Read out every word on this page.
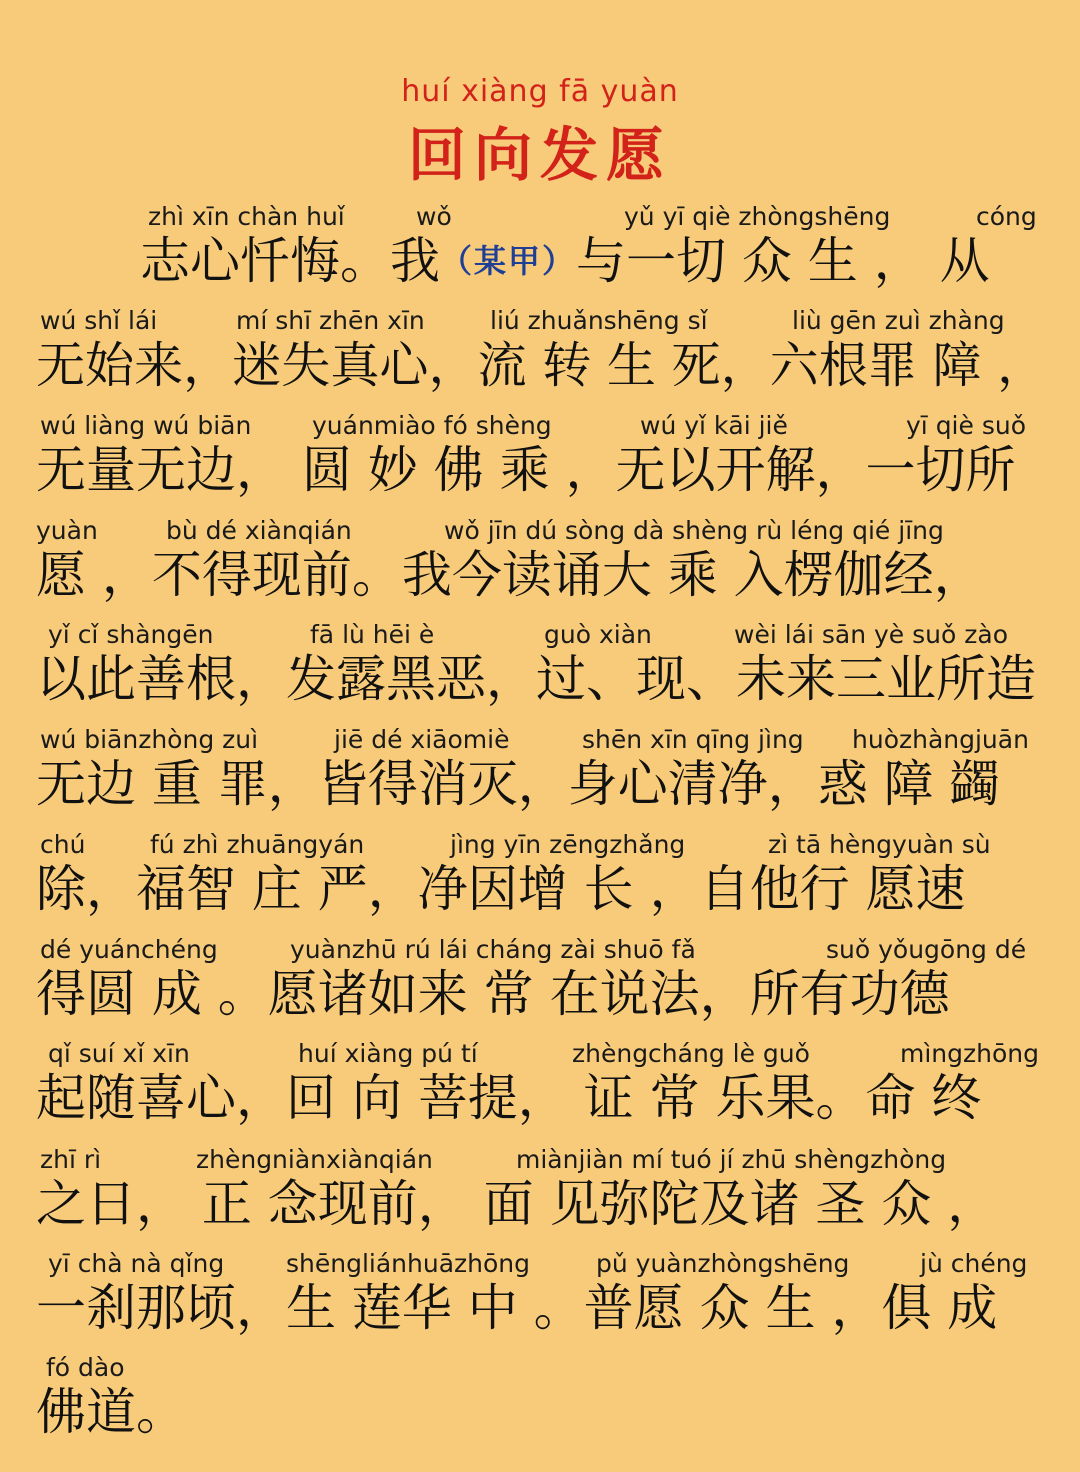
huí xiàng fā yuàn
回向发愿
zhì xīn chàn huǐ	wǒ	yǔ yī qiè zhòngshēng	cóng
志心忏悔。我（某甲）与一切 众 生 ， 从
wú shǐ lái	mí shī zhēn xīn	liú zhuǎnshēng sǐ	liù gēn zuì zhàng
无始来，迷失真心，流 转 生 死，六根罪 障 ，
wú liàng wú biān yuánmiào fó shèng	wú yǐ kāi jiě	yī qiè suǒ
无量无边， 圆 妙 佛 乘 ，无以开解，一切所
yuàn	bù dé xiànqián	wǒ jīn dú sòng dà shèng rù léng qié jīng
愿 ，不得现前。我今读诵大 乘 入楞伽经，
yǐ cǐ shàngēn	fā lù hēi è	guò xiàn	wèi lái sān yè suǒ zào
以此善根，发露黑恶，过、现、未来三业所造
wú biānzhòng zuì	jiē dé xiāomiè	shēn xīn qīng jìng huòzhàngjuān
无边 重 罪，皆得消灭，身心清净，惑 障 蠲
chú	fú zhì zhuāngyán	jìng yīn zēngzhǎng	zì tā hèngyuàn sù
除，福智 庄 严，净因增 长 ，自他行 愿速
dé yuánchéng	yuànzhū rú lái cháng zài shuō fǎ	suǒ yǒugōng dé
得圆 成 。愿诸如来 常 在说法，所有功德
qǐ suí xǐ xīn	huí xiàng pú tí	zhèngcháng lè guǒ	mìngzhōng
起随喜心，回 向 菩提， 证 常 乐果。命 终
zhī rì	zhèngniànxiànqián	miànjiàn mí tuó jí zhū shèngzhòng
之日， 正 念现前， 面 见弥陀及诸 圣 众 ，
yī chà nà qǐng shēngliánhuāzhōng	pǔ yuànzhòngshēng	jù chéng
一刹那顷，生 莲华 中 。普愿 众 生 ，俱 成
fó dào
佛道。
